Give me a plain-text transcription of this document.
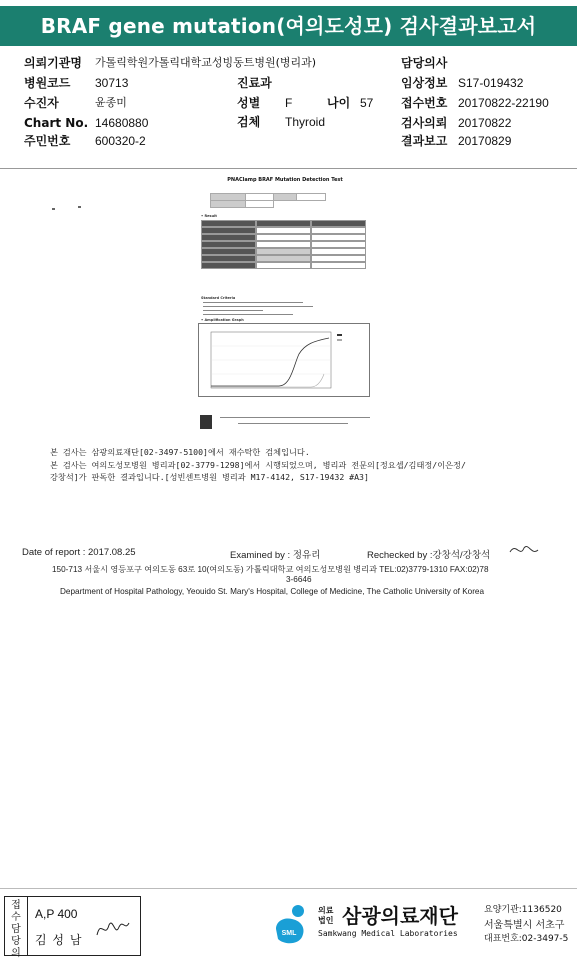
BRAF gene mutation(여의도성모) 검사결과보고서
의뢰기관명 가톨릭학원가톨릭대학교성빙동트병원(병리과)	담당의사
병원코드 30713	진료과	임상정보 S17-019432
수진자	윤종미	성별 F	나이 57 접수번호 20170822-22190
Chart No. 14680880	검체 Thyroid	검사의뢰 20170822
주민번호 600320-2	결과보고 20170829
PNAClamp BRAF Mutation Detection Test

• Result
Standard Criteria
• Amplification Graph
본 검사는 삼광의료재단[02-3497-5100]에서 재수탁한 검체입니다.
본 검사는 여의도성모병원 병리과[02-3779-1298]에서 시행되었으며, 병리과 전문의[정요셉/김태정/이은정/
강창석]가 판독한 결과입니다.[성빈센트병원 병리과 M17-4142, S17-19432 #A3]
Date of report : 2017.08.25	Examined by : 정유리	Rechecked by :강창석/강창석
150-713 서울시 영등포구 여의도동 63로 10(여의도동) 가톨릭대학교 여의도성모병원 병리과 TEL:02)3779-1310 FAX:02)78
3-6646
Department of Hospital Pathology, Yeouido St. Mary's Hospital, College of Medicine, The Catholic University of Korea
접 수 담 당 의
A,P 400
김 성 남	SML
의료
법인 삼광의료재단
Samkwang Medical Laboratories
요양기관:1136520
서울특별시 서초구
대표번호:02-3497-5
